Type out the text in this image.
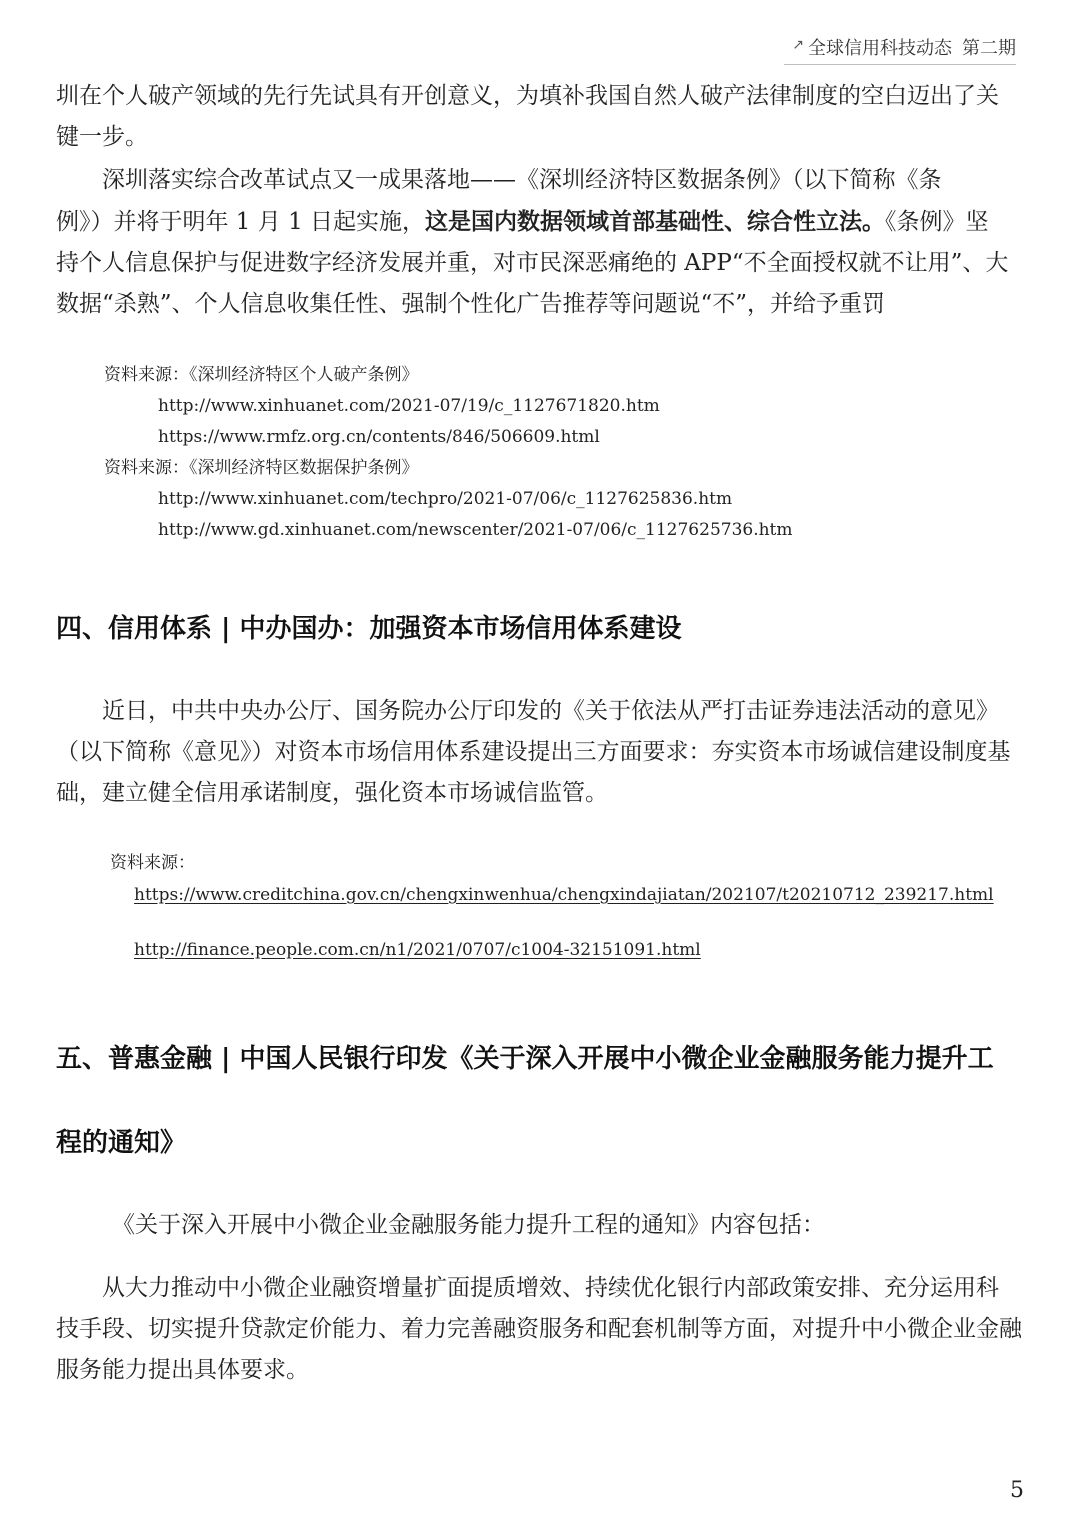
↗ 全球信用科技动态 第二期
圳在个人破产领域的先行先试具有开创意义，为填补我国自然人破产法律制度的空白迈出了关
键一步。
深圳落实综合改革试点又一成果落地——《深圳经济特区数据条例》（以下简称《条
例》）并将于明年 1 月 1 日起实施，这是国内数据领域首部基础性、综合性立法。《条例》坚
持个人信息保护与促进数字经济发展并重，对市民深恶痛绝的 APP“不全面授权就不让用”、大
数据“杀熟”、个人信息收集任性、强制个性化广告推荐等问题说“不”，并给予重罚
资料来源：《深圳经济特区个人破产条例》
http://www.xinhuanet.com/2021-07/19/c_1127671820.htm
https://www.rmfz.org.cn/contents/846/506609.html
资料来源：《深圳经济特区数据保护条例》
http://www.xinhuanet.com/techpro/2021-07/06/c_1127625836.htm
http://www.gd.xinhuanet.com/newscenter/2021-07/06/c_1127625736.htm
四、信用体系 | 中办国办：加强资本市场信用体系建设
近日，中共中央办公厅、国务院办公厅印发的《关于依法从严打击证券违法活动的意见》
（以下简称《意见》）对资本市场信用体系建设提出三方面要求：夯实资本市场诚信建设制度基
础，建立健全信用承诺制度，强化资本市场诚信监管。
资料来源：
https://www.creditchina.gov.cn/chengxinwenhua/chengxindajiatan/202107/t20210712_239217.html
http://finance.people.com.cn/n1/2021/0707/c1004-32151091.html
五、普惠金融 | 中国人民银行印发《关于深入开展中小微企业金融服务能力提升工
程的通知》
《关于深入开展中小微企业金融服务能力提升工程的通知》内容包括：
从大力推动中小微企业融资增量扩面提质增效、持续优化银行内部政策安排、充分运用科
技手段、切实提升贷款定价能力、着力完善融资服务和配套机制等方面，对提升中小微企业金融
服务能力提出具体要求。
5
